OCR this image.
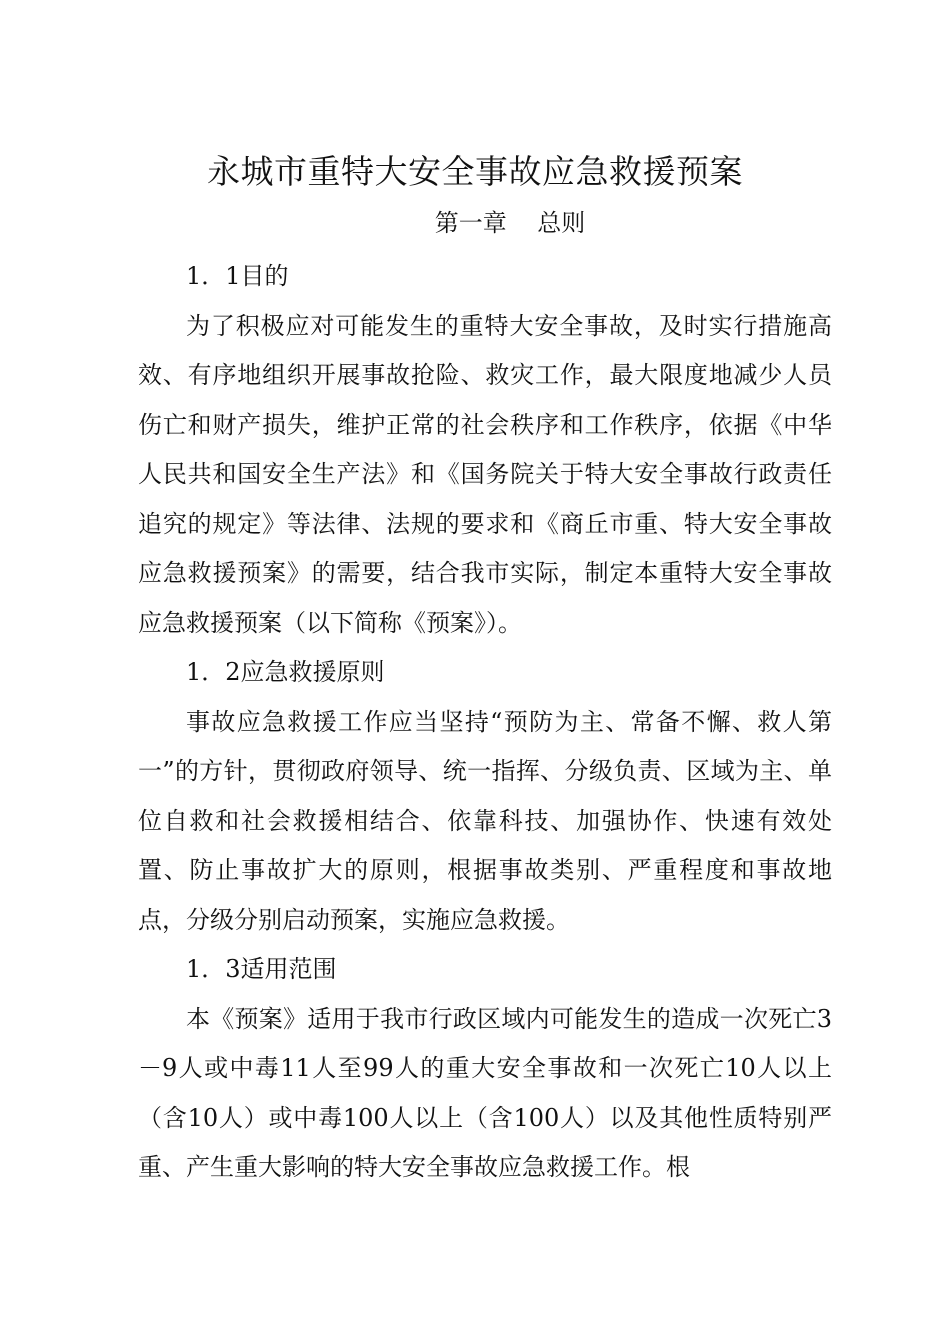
永城市重特大安全事故应急救援预案
第一章    总则

1．1目的

为了积极应对可能发生的重特大安全事故，及时实行措施高效、有序地组织开展事故抢险、救灾工作，最大限度地减少人员伤亡和财产损失，维护正常的社会秩序和工作秩序，依据《中华人民共和国安全生产法》和《国务院关于特大安全事故行政责任追究的规定》等法律、法规的要求和《商丘市重、特大安全事故应急救援预案》的需要，结合我市实际，制定本重特大安全事故应急救援预案（以下简称《预案》）。

1．2应急救援原则

事故应急救援工作应当坚持“预防为主、常备不懈、救人第一”的方针，贯彻政府领导、统一指挥、分级负责、区域为主、单位自救和社会救援相结合、依靠科技、加强协作、快速有效处置、防止事故扩大的原则，根据事故类别、严重程度和事故地点，分级分别启动预案，实施应急救援。

1．3适用范围

本《预案》适用于我市行政区域内可能发生的造成一次死亡3－9人或中毒11人至99人的重大安全事故和一次死亡10人以上（含10人）或中毒100人以上（含100人）以及其他性质特别严重、产生重大影响的特大安全事故应急救援工作。根
